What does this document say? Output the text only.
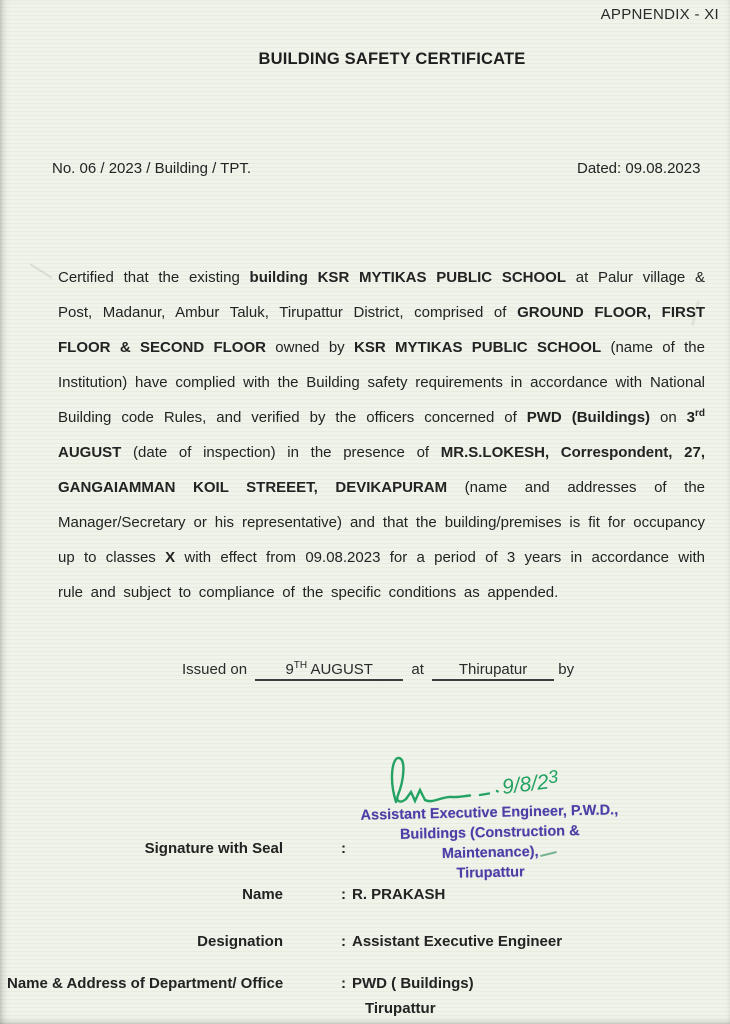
APPNENDIX - XI
BUILDING SAFETY CERTIFICATE
No. 06 / 2023 / Building / TPT.	Dated: 09.08.2023
Certified that the existing building KSR MYTIKAS PUBLIC SCHOOL at Palur village & Post, Madanur, Ambur Taluk, Tirupattur District, comprised of GROUND FLOOR, FIRST FLOOR & SECOND FLOOR owned by KSR MYTIKAS PUBLIC SCHOOL (name of the Institution) have complied with the Building safety requirements in accordance with National Building code Rules, and verified by the officers concerned of PWD (Buildings) on 3rd AUGUST (date of inspection) in the presence of MR.S.LOKESH, Correspondent, 27, GANGAIAMMAN KOIL STREEET, DEVIKAPURAM (name and addresses of the Manager/Secretary or his representative) and that the building/premises is fit for occupancy up to classes X with effect from 09.08.2023 for a period of 3 years in accordance with rule and subject to compliance of the specific conditions as appended.
Issued on	9TH AUGUST	at Thirupatur by
9/8/23
Assistant Executive Engineer, P.W.D.,
Buildings (Construction & Maintenance),
Tirupattur
Signature with Seal	:
Name	: R. PRAKASH
Designation	: Assistant Executive Engineer
Name & Address of Department/ Office	: PWD ( Buildings)
Tirupattur
